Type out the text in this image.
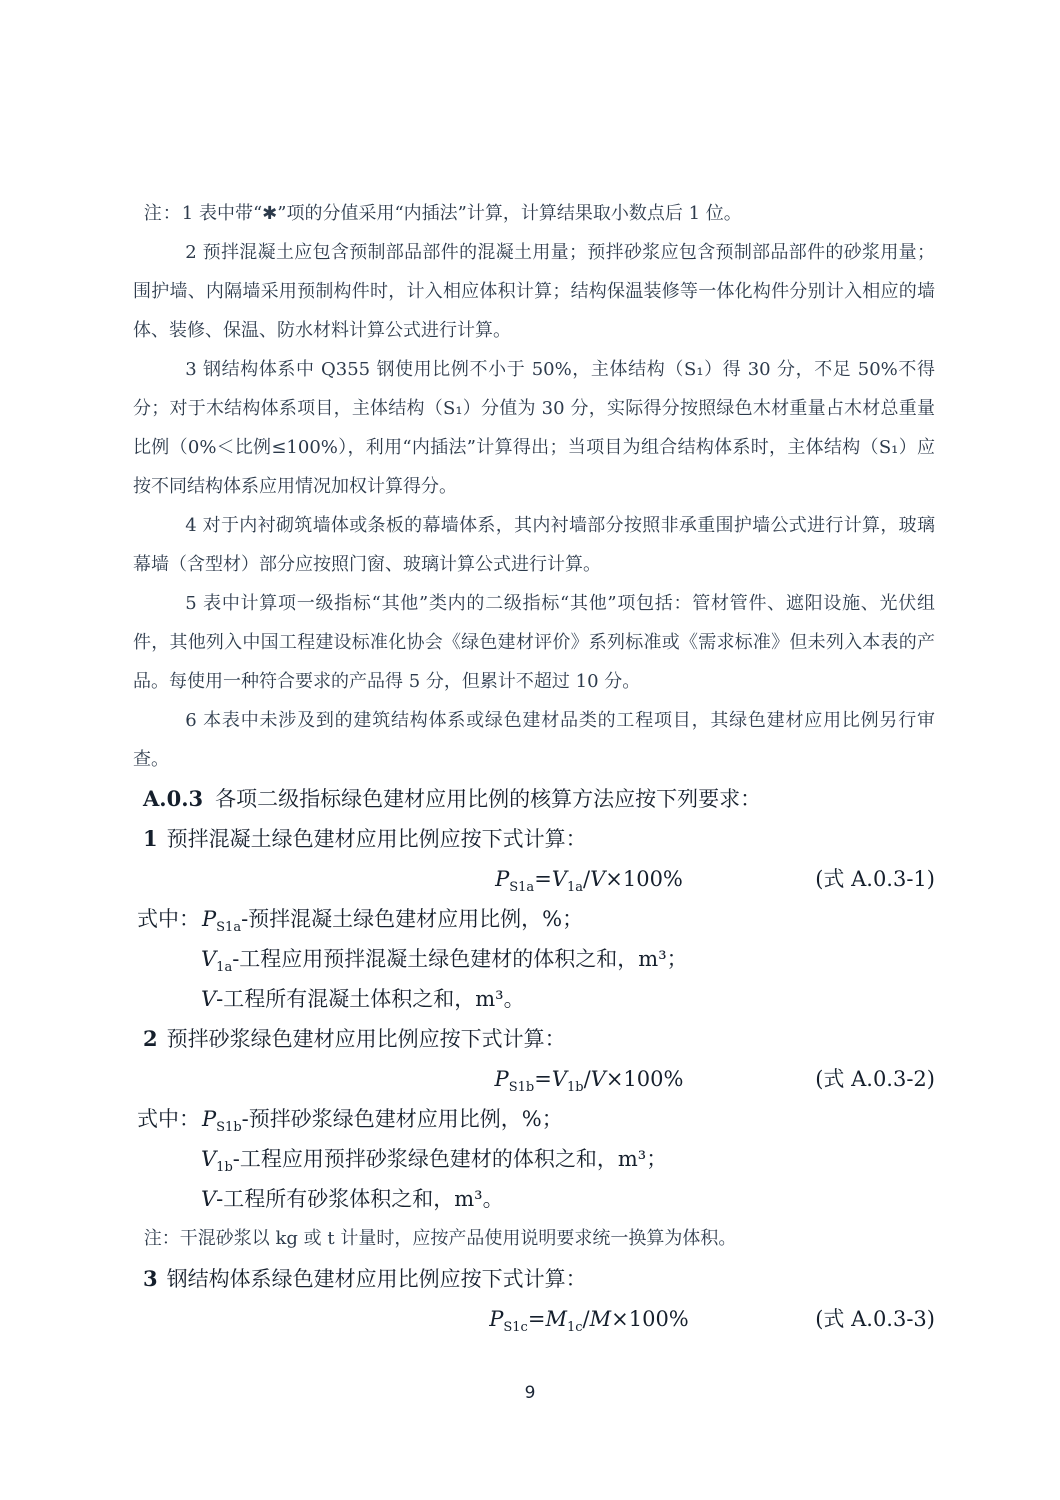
注：1 表中带“✱”项的分值采用“内插法”计算，计算结果取小数点后 1 位。

2 预拌混凝土应包含预制部品部件的混凝土用量；预拌砂浆应包含预制部品部件的砂浆用量；围护墙、内隔墙采用预制构件时，计入相应体积计算；结构保温装修等一体化构件分别计入相应的墙体、装修、保温、防水材料计算公式进行计算。

3 钢结构体系中 Q355 钢使用比例不小于 50%，主体结构（S₁）得 30 分，不足 50%不得分；对于木结构体系项目，主体结构（S₁）分值为 30 分，实际得分按照绿色木材重量占木材总重量比例（0%＜比例≤100%），利用“内插法”计算得出；当项目为组合结构体系时，主体结构（S₁）应按不同结构体系应用情况加权计算得分。

4 对于内衬砌筑墙体或条板的幕墙体系，其内衬墙部分按照非承重围护墙公式进行计算，玻璃幕墙（含型材）部分应按照门窗、玻璃计算公式进行计算。

5 表中计算项一级指标“其他”类内的二级指标“其他”项包括：管材管件、遮阳设施、光伏组件，其他列入中国工程建设标准化协会《绿色建材评价》系列标准或《需求标准》但未列入本表的产品。每使用一种符合要求的产品得 5 分，但累计不超过 10 分。

6 本表中未涉及到的建筑结构体系或绿色建材品类的工程项目，其绿色建材应用比例另行审查。

A.0.3 各项二级指标绿色建材应用比例的核算方法应按下列要求：

1 预拌混凝土绿色建材应用比例应按下式计算：

$P_{S1a}=V_{1a}/V\times 100\%$	(式 A.0.3-1)

式中：$P_{S1a}-$预拌混凝土绿色建材应用比例，%；

$V_{1a}-$工程应用预拌混凝土绿色建材的体积之和，m³；

V-工程所有混凝土体积之和，m³。

2 预拌砂浆绿色建材应用比例应按下式计算：

$P_{S1b}=V_{1b}/V\times 100\%$	(式 A.0.3-2)

式中：$P_{S1b}-$预拌砂浆绿色建材应用比例，%；

$V_{1b}-$工程应用预拌砂浆绿色建材的体积之和，m³；

V-工程所有砂浆体积之和，m³。

注：干混砂浆以 kg 或 t 计量时，应按产品使用说明要求统一换算为体积。

3 钢结构体系绿色建材应用比例应按下式计算：

$P_{S1c}=M_{1c}/M\times 100\%$	(式 A.0.3-3)
9
